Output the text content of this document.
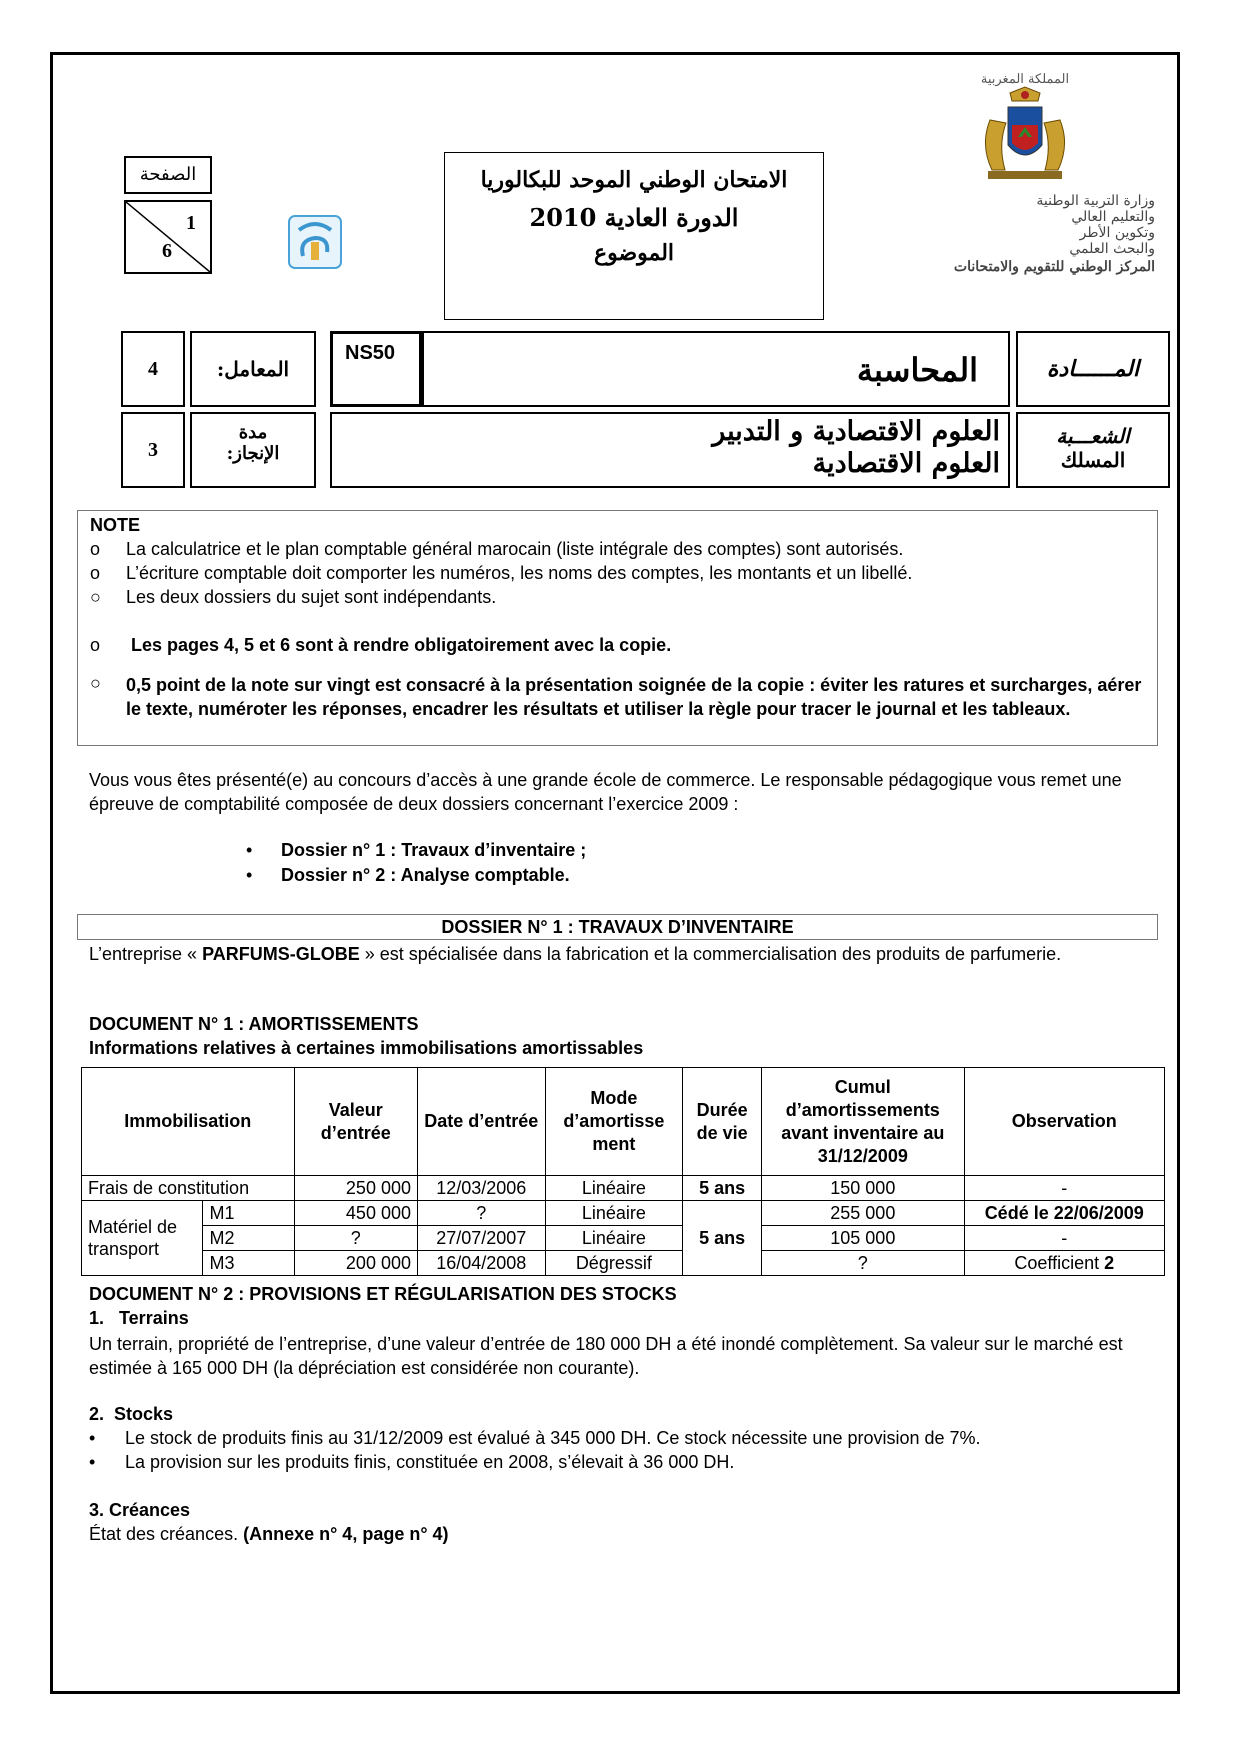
المملكة المغربية
وزارة التربية الوطنية
والتعليم العالي
وتكوين الأطر
والبحث العلمي
المركز الوطني للتقويم والامتحانات
الصفحة
1
6
الامتحان الوطني الموحد للبكالوريا
الدورة العادية 2010
الموضوع
4	المعامل:
NS50	المحاسبة	المــــــادة
3
مدة
الإنجاز:
العلوم الاقتصادية و التدبير
العلوم الاقتصادية
الشعـــبة
المسلك
NOTE
o La calculatrice et le plan comptable général marocain (liste intégrale des comptes) sont autorisés.
o L’écriture comptable doit comporter les numéros, les noms des comptes, les montants et un libellé.
○ Les deux dossiers du sujet sont indépendants.
o Les pages 4, 5 et 6 sont à rendre obligatoirement avec la copie.
○ 0,5 point de la note sur vingt est consacré à la présentation soignée de la copie : éviter les ratures et surcharges, aérer le texte, numéroter les réponses, encadrer les résultats et utiliser la règle pour tracer le journal et les tableaux.
Vous vous êtes présenté(e) au concours d’accès à une grande école de commerce. Le responsable pédagogique vous remet une épreuve de comptabilité composée de deux dossiers concernant l’exercice 2009 :
• Dossier n° 1 : Travaux d’inventaire ;
• Dossier n° 2 : Analyse comptable.
DOSSIER N° 1 : TRAVAUX D’INVENTAIRE
L’entreprise « PARFUMS-GLOBE » est spécialisée dans la fabrication et la commercialisation des produits de parfumerie.
DOCUMENT N° 1 : AMORTISSEMENTS
Informations relatives à certaines immobilisations amortissables
Immobilisation		Valeur d’entrée	Date d’entrée	Mode d’amortisse ment	Durée de vie	Cumul d’amortissements avant inventaire au 31/12/2009	Observation
Frais de constitution		250 000	12/03/2006	Linéaire	5 ans	150 000	-
Matériel de transport	M1	450 000	?	Linéaire	5 ans	255 000	Cédé le 22/06/2009
	M2	?	27/07/2007	Linéaire		105 000	-
	M3	200 000	16/04/2008	Dégressif		?	Coefficient 2
DOCUMENT N° 2 : PROVISIONS ET RÉGULARISATION DES STOCKS
1.   Terrains
Un terrain, propriété de l’entreprise, d’une valeur d’entrée de 180 000 DH a été inondé complètement. Sa valeur sur le marché est estimée à 165 000 DH (la dépréciation est considérée non courante).
2.  Stocks
• Le stock de produits finis au 31/12/2009 est évalué à 345 000 DH. Ce stock nécessite une provision de 7%.
• La provision sur les produits finis, constituée en 2008, s’élevait à 36 000 DH.
3. Créances
État des créances. (Annexe n° 4, page n° 4)
